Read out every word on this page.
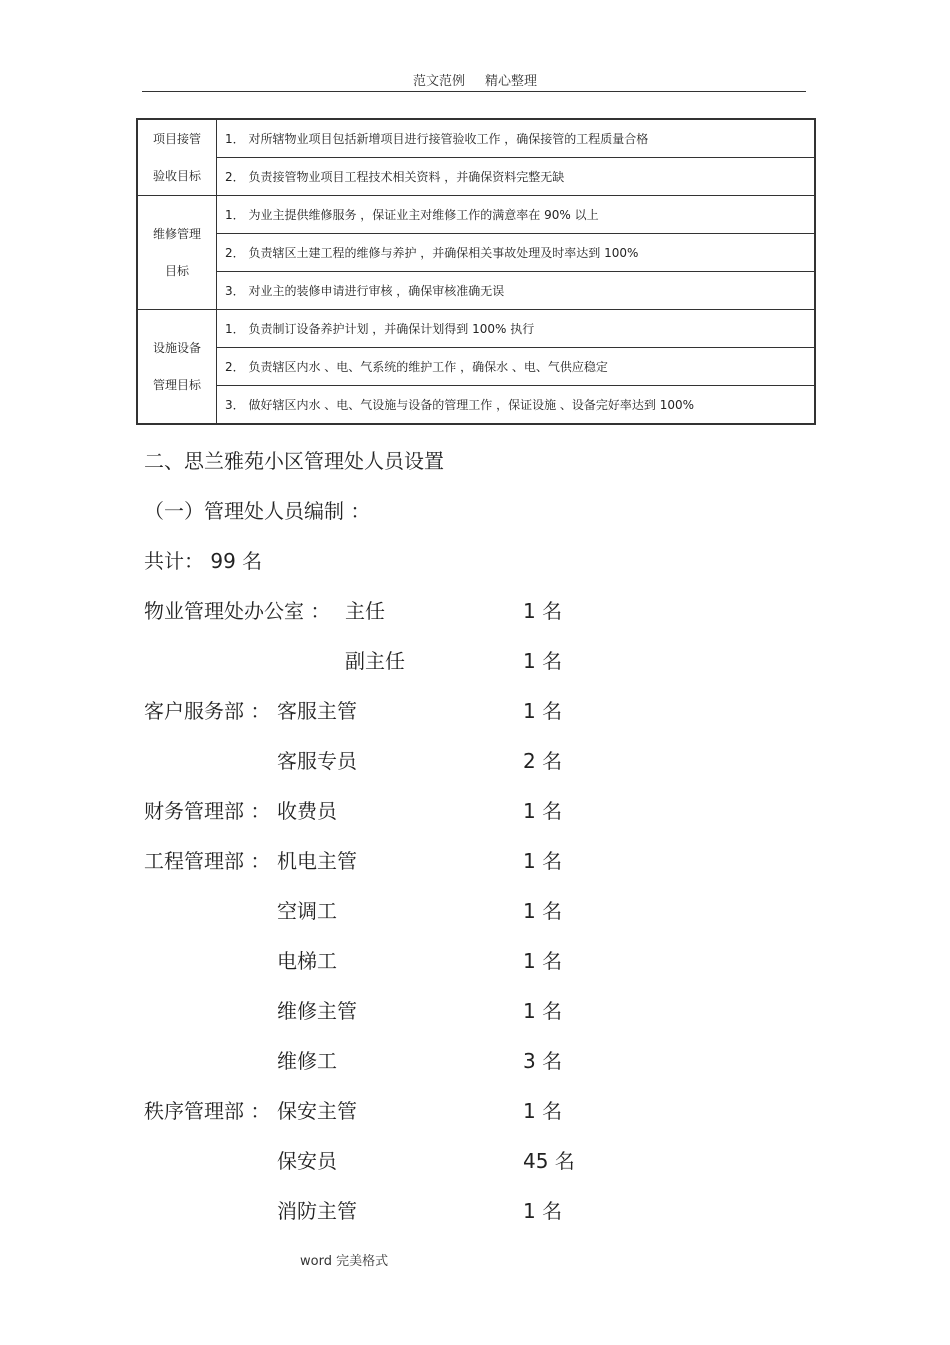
范文范例 精心整理
项目接管
验收目标	1． 对所辖物业项目包括新增项目进行接管验收工作 ，确保接管的工程质量合格
	2． 负责接管物业项目工程技术相关资料 ，并确保资料完整无缺

维修管理
目标	1． 为业主提供维修服务 ，保证业主对维修工作的满意率在 90% 以上
	2． 负责辖区土建工程的维修与养护 ，并确保相关事故处理及时率达到 100%
	3． 对业主的装修申请进行审核 ，确保审核准确无误

设施设备
管理目标	1． 负责制订设备养护计划 ，并确保计划得到 100% 执行
	2． 负责辖区内水 、电、气系统的维护工作 ，确保水 、电、气供应稳定
	3． 做好辖区内水 、电、气设施与设备的管理工作 ，保证设施 、设备完好率达到 100%
二、思兰雅苑小区管理处人员设置
（一）管理处人员编制 ：
共计： 99 名
物业管理处办公室 ： 主任	1 名
副主任	1 名
客户服务部 ： 客服主管	1 名
客服专员	2 名
财务管理部 ： 收费员	1 名
工程管理部 ： 机电主管	1 名
空调工	1 名
电梯工	1 名
维修主管	1 名
维修工	3 名
秩序管理部 ： 保安主管	1 名
保安员	45 名
消防主管	1 名
word 完美格式
